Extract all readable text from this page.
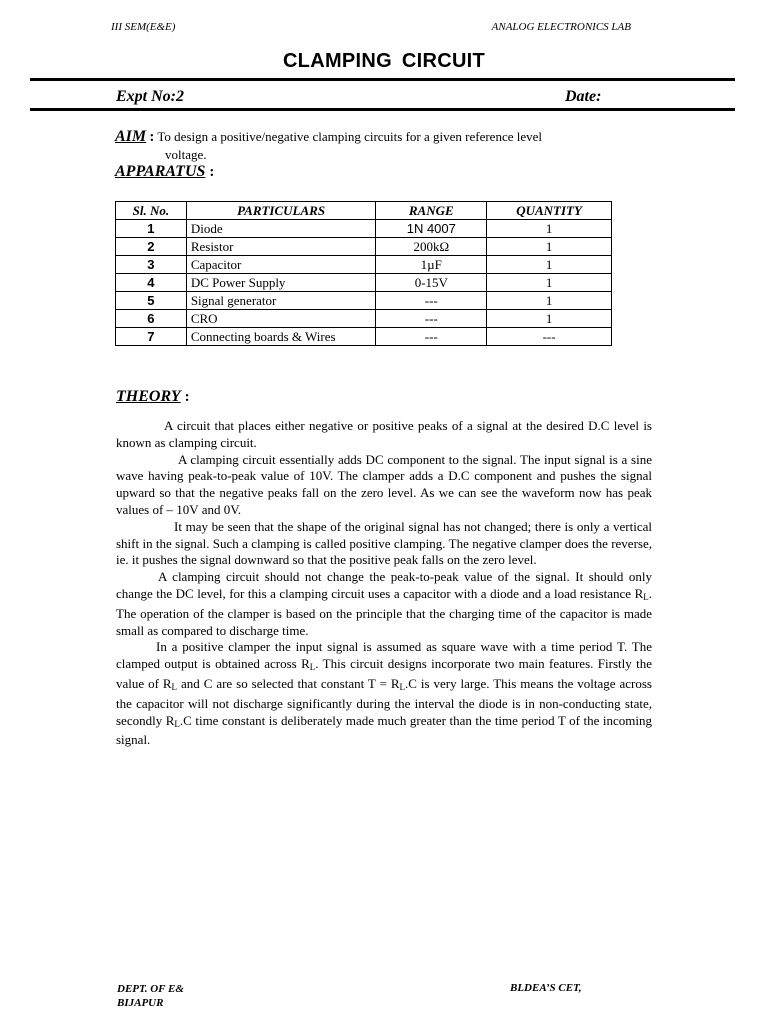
III SEM(E&E)	ANALOG ELECTRONICS LAB
CLAMPING CIRCUIT
Expt No:2	Date:
AIM : To design a positive/negative clamping circuits for a given reference level
voltage.
APPARATUS :
Sl. No.	PARTICULARS	RANGE	QUANTITY
1	Diode	1N 4007	1
2	Resistor	200kΩ	1
3	Capacitor	1µF	1
4	DC Power Supply	0-15V	1
5	Signal generator	---	1
6	CRO	---	1
7	Connecting boards & Wires	---	---
THEORY :

A circuit that places either negative or positive peaks of a signal at the desired D.C level is known as clamping circuit.

A clamping circuit essentially adds DC component to the signal. The input signal is a sine wave having peak-to-peak value of 10V. The clamper adds a D.C component and pushes the signal upward so that the negative peaks fall on the zero level. As we can see the waveform now has peak values of – 10V and 0V.

It may be seen that the shape of the original signal has not changed; there is only a vertical shift in the signal. Such a clamping is called positive clamping. The negative clamper does the reverse, ie. it pushes the signal downward so that the positive peak falls on the zero level.

A clamping circuit should not change the peak-to-peak value of the signal. It should only change the DC level, for this a clamping circuit uses a capacitor with a diode and a load resistance $R_L$. The operation of the clamper is based on the principle that the charging time of the capacitor is made small as compared to discharge time.

In a positive clamper the input signal is assumed as square wave with a time period T. The clamped output is obtained across $R_L$. This circuit designs incorporate two main features. Firstly the value of $R_L$ and C are so selected that constant $T = R_L.C$ is very large. This means the voltage across the capacitor will not discharge significantly during the interval the diode is in non-conducting state, secondly $R_L.C$ time constant is deliberately made much greater than the time period T of the incoming signal.

DEPT. OF E&
BIJAPUR
BLDEA’S CET,
